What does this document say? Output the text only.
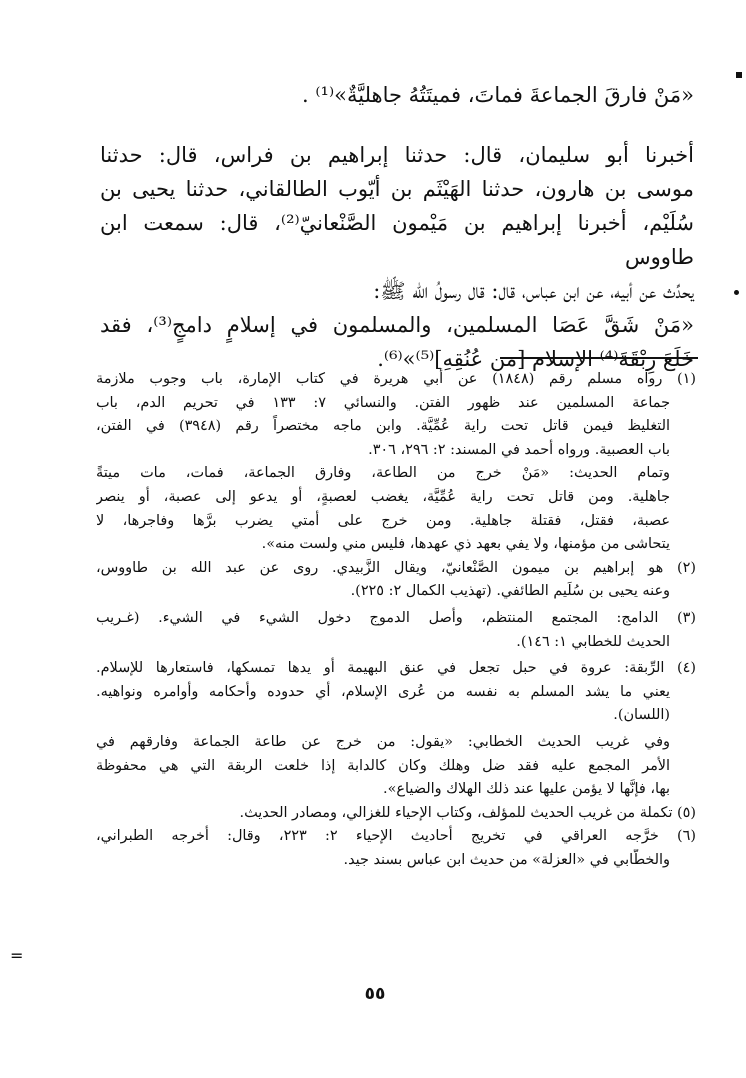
«مَنْ فارقَ الجماعةَ فماتَ، فميتَتُهُ جاهليَّةٌ»⁽¹⁾ .
أخبرنا أبو سليمان، قال: حدثنا إبراهيم بن فراس، قال: حدثنا
موسى بن هارون، حدثنا الهَيْثَم بن أيّوب الطالقاني، حدثنا يحيى بن
سُلَيْم، أخبرنا إبراهيم بن مَيْمون الصَّنْعانيّ⁽²⁾، قال: سمعت ابن طاووس
يحدِّث عن أبيه، عن ابن عباس، قال: قال رسولُ الله ﷺ:
«مَنْ شَقَّ عَصَا المسلمين، والمسلمون في إسلامٍ دامجٍ⁽³⁾، فقد
خَلَعَ رِبْقَةَ⁽⁴⁾ الإسلام [من عُنُقِهِ]⁽⁵⁾»⁽⁶⁾.
(١) رواه مسلم رقم (١٨٤٨) عن أبي هريرة في كتاب الإمارة، باب وجوب ملازمة
جماعة المسلمين عند ظهور الفتن. والنسائي ٧: ١٣٣ في تحريم الدم، باب
التغليظ فيمن قاتل تحت راية عُمِّيَّة. وابن ماجه مختصراً رقم (٣٩٤٨) في الفتن،
باب العصبية. ورواه أحمد في المسند: ٢: ٢٩٦، ٣٠٦.
وتمام الحديث: «مَنْ خرج من الطاعة، وفارق الجماعة، فمات، مات ميتةً
جاهلية. ومن قاتل تحت راية عُمِّيَّة، يغضب لعصبةٍ، أو يدعو إلى عصبة، أو ينصر
عصبة، فقتل، فقتلة جاهلية. ومن خرج على أمتي يضرب برَّها وفاجرها، لا
يتحاشى من مؤمنها، ولا يفي بعهد ذي عهدها، فليس مني ولست منه».
(٢) هو إبراهيم بن ميمون الصَّنْعانيّ، ويقال الزَّبيدي. روى عن عبد الله بن طاووس،
وعنه يحيى بن سُلَيم الطائفي. (تهذيب الكمال ٢: ٢٢٥).
(٣) الدامج: المجتمع المنتظم، وأصل الدموج دخول الشيء في الشيء. (غـريب
الحديث للخطابي ١: ١٤٦).
(٤) الرِّبقة: عروة في حبل تجعل في عنق البهيمة أو يدها تمسكها، فاستعارها للإسلام.
يعني ما يشد المسلم به نفسه من عُرى الإسلام، أي حدوده وأحكامه وأوامره ونواهيه.
(اللسان).
وفي غريب الحديث الخطابي: «يقول: من خرج عن طاعة الجماعة وفارقهم في
الأمر المجمع عليه فقد ضل وهلك وكان كالدابة إذا خلعت الربقة التي هي محفوظة
بها، فإنَّها لا يؤمن عليها عند ذلك الهلاك والضياع».
(٥) تكملة من غريب الحديث للمؤلف، وكتاب الإحياء للغزالي، ومصادر الحديث.
(٦) خرَّجه العراقي في تخريج أحاديث الإحياء ٢: ٢٢٣، وقال: أخرجه الطبراني،
والخطّابي في «العزلة» من حديث ابن عباس بسند جيد.
=
٥٥
